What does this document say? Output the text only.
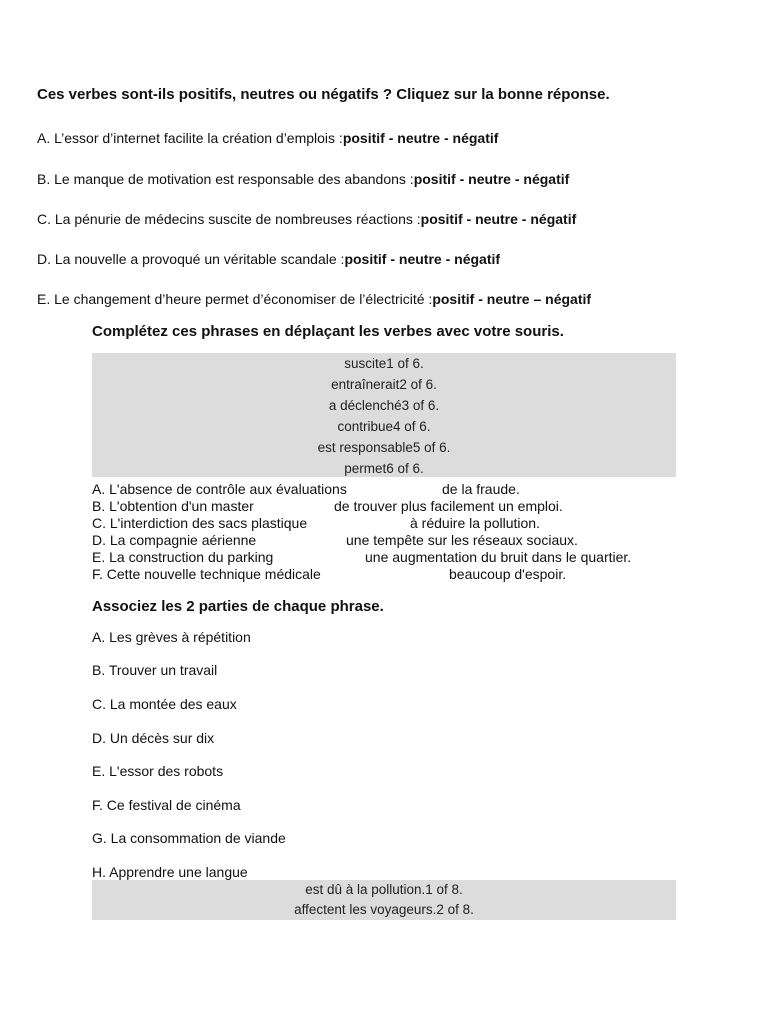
Ces verbes sont-ils positifs, neutres ou négatifs ? Cliquez sur la bonne réponse.
A. L’essor d’internet facilite la création d’emplois :positif - neutre - négatif
B. Le manque de motivation est responsable des abandons :positif - neutre - négatif
C. La pénurie de médecins suscite de nombreuses réactions :positif - neutre - négatif
D. La nouvelle a provoqué un véritable scandale :positif - neutre - négatif
E. Le changement d’heure permet d’économiser de l’électricité :positif - neutre – négatif
Complétez ces phrases en déplaçant les verbes avec votre souris.
suscite1 of 6.
entraînerait2 of 6.
a déclenché3 of 6.
contribue4 of 6.
est responsable5 of 6.
permet6 of 6.
A. L'absence de contrôle aux évaluations	de la fraude.
B. L'obtention d'un master	de trouver plus facilement un emploi.
C. L'interdiction des sacs plastique	à réduire la pollution.
D. La compagnie aérienne	une tempête sur les réseaux sociaux.
E. La construction du parking	une augmentation du bruit dans le quartier.
F. Cette nouvelle technique médicale	beaucoup d'espoir.
Associez les 2 parties de chaque phrase.
A. Les grèves à répétition
B. Trouver un travail
C. La montée des eaux
D. Un décès sur dix
E. L'essor des robots
F. Ce festival de cinéma
G. La consommation de viande
H. Apprendre une langue
est dû à la pollution.1 of 8.
affectent les voyageurs.2 of 8.
